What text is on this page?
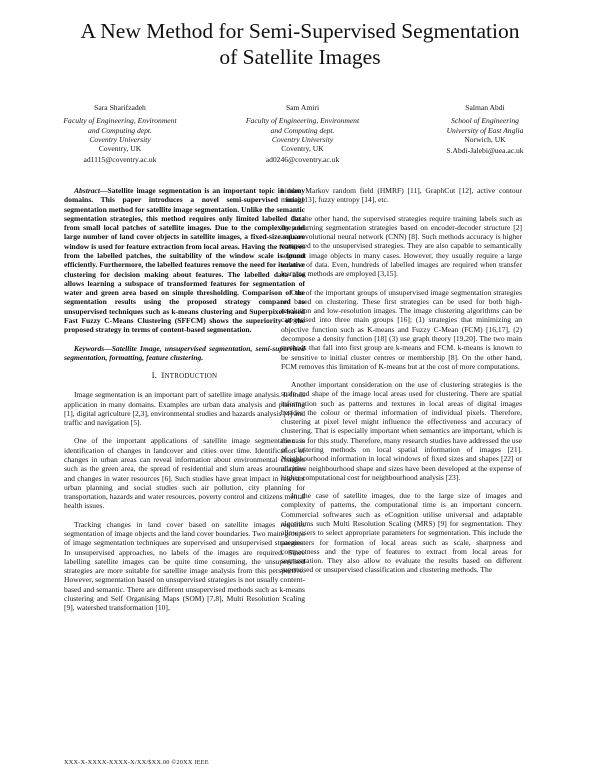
A New Method for Semi-Supervised Segmentation
of Satellite Images
Sara Sharifzadeh
Faculty of Engineering, Environment
and Computing dept.
Coventry University
Coventry, UK
ad1115@coventry.ac.uk
Sam Amiri
Faculty of Engineering, Environment
and Computing dept.
Coventry University
Coventry, UK
ad0246@coventry.ac.uk
Salman Abdi
School of Engineering
University of East Anglia
Norwich, UK
S.Abdi-Jalebi@uea.ac.uk

Abstract—Satellite image segmentation is an important topic in many domains. This paper introduces a novel semi-supervised image segmentation method for satellite image segmentation. Unlike the semantic segmentation strategies, this method requires only limited labelled data from small local patches of satellite images. Due to the complexity and large number of land cover objects in satellite images, a fixed-size square window is used for feature extraction from local areas. Having the features from the labelled patches, the suitability of the window scale is found efficiently. Furthermore, the labelled features remove the need for iterative clustering for decision making about features. The labelled data also allows learning a subspace of transformed features for segmentation of water and green area based on simple thresholding. Comparison of the segmentation results using the proposed strategy compared to unsupervised techniques such as k-means clustering and Superpixel-based Fast Fuzzy C-Means Clustering (SFFCM) shows the superiority of the proposed strategy in terms of content-based segmentation.

Keywords—Satellite Image, unsupervised segmentation, semi-supervised segmentation, formatting, feature clustering.

I. INTRODUCTION

Image segmentation is an important part of satellite image analysis. It finds application in many domains. Examples are urban data analysis and planning [1], digital agriculture [2,3], environmental studies and hazards analysis [4] and traffic and navigation [5].

One of the important applications of satellite image segmentation is identification of changes in landcover and cities over time. Identification of changes in urban areas can reveal information about environmental changes such as the green area, the spread of residential and slum areas around cities and changes in water resources [6]. Such studies have great impact in relevant urban planning and social studies such air pollution, city planning for transportation, hazards and water resources, poverty control and citizens mental health issues.

Tracking changes in land cover based on satellite images requires segmentation of image objects and the land cover boundaries. Two main groups of image segmentation techniques are supervised and unsupervised strategies. In unsupervised approaches, no labels of the images are required. Since labelling satellite images can be quite time consuming, the unsupervised strategies are more suitable for satellite image analysis from this perspective. However, segmentation based on unsupervised strategies is not usually content-based and semantic. There are different unsupervised methods such as k-means clustering and Self Organising Maps (SOM) [7,8], Multi Resolution Scaling [9], watershed transformation [10],

hidden Markov random field (HMRF) [11], GraphCut [12], active contour model [13], fuzzy entropy [14], etc.

On the other hand, the supervised strategies require training labels such as deep learning segmentation strategies based on encoder-decoder structure [2] and convolutional neural network (CNN) [8]. Such methods accuracy is higher compared to the unsupervised strategies. They are also capable to semantically segment image objects in many cases. However, they usually require a large volume of data. Even, hundreds of labelled images are required when transfer learning methods are employed [3,15].

One of the important groups of unsupervised image segmentation strategies are based on clustering. These first strategies can be used for both high-resolution and low-resolution images. The image clustering algorithms can be categorised into three main groups [16]; (1) strategies that minimizing an objective function such as K-means and Fuzzy C-Mean (FCM) [16,17], (2) decompose a density function [18] (3) use graph theory [19,20]. The two main methods that fall into first group are k-means and FCM. k-means is known to be sensitive to initial cluster centres or membership [8]. On the other hand, FCM removes this limitation of K-means but at the cost of more computations.

Another important consideration on the use of clustering strategies is the scale and shape of the image local areas used for clustering. There are spatial information such as patterns and textures in local areas of digital images besides the colour or thermal information of individual pixels. Therefore, clustering at pixel level might influence the effectiveness and accuracy of clustering. That is especially important when semantics are important, which is the case for this study. Therefore, many research studies have addressed the use of clustering methods on local spatial information of images [21]. Neighbourhood information in local windows of fixed sizes and shapes [22] or adaptive neighbourhood shape and sizes have been developed at the expense of higher computational cost for neighbourhood analysis [23].

In the case of satellite images, due to the large size of images and complexity of patterns, the computational time is an important concern. Commercial softwares such as eCognition utilise universal and adaptable algorithms such Multi Resolution Scaling (MRS) [9] for segmentation. They allow users to select appropriate parameters for segmentation. This include the parameters for formation of local areas such as scale, sharpness and compactness and the type of features to extract from local areas for segmentation. They also allow to evaluate the results based on different supervised or unsupervised classification and clustering methods. The

XXX-X-XXXX-XXXX-X/XX/$XX.00 ©20XX IEEE
